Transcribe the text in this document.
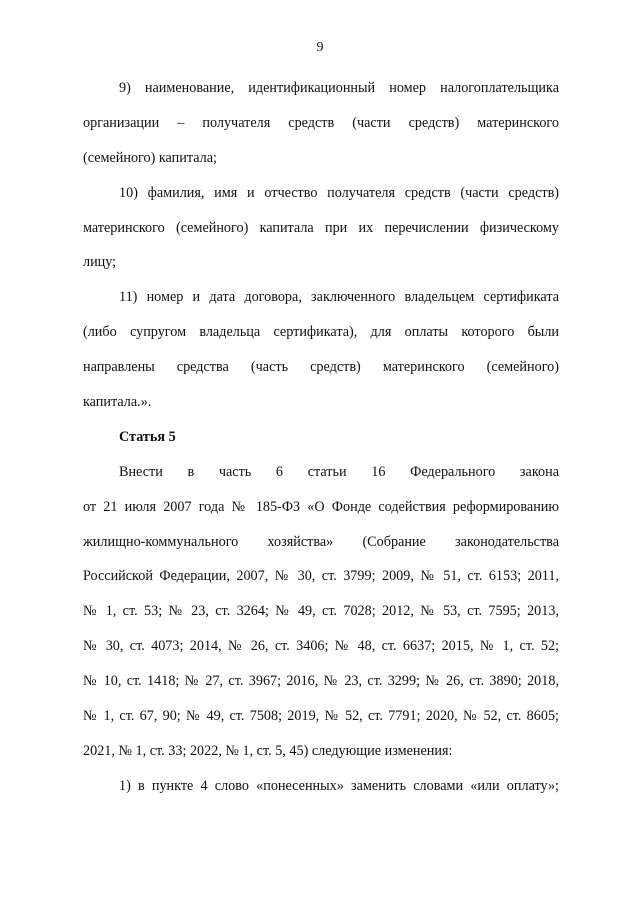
9
9) наименование, идентификационный номер налогоплательщика
организации – получателя средств (части средств) материнского
(семейного) капитала;
10) фамилия, имя и отчество получателя средств (части средств)
материнского (семейного) капитала при их перечислении физическому
лицу;
11) номер и дата договора, заключенного владельцем сертификата
(либо супругом владельца сертификата), для оплаты которого были
направлены средства (часть средств) материнского (семейного)
капитала.».
Статья 5
Внести в часть 6 статьи 16 Федерального закона
от 21 июля 2007 года № 185-ФЗ «О Фонде содействия реформированию
жилищно-коммунального хозяйства» (Собрание законодательства
Российской Федерации, 2007, № 30, ст. 3799; 2009, № 51, ст. 6153; 2011,
№ 1, ст. 53; № 23, ст. 3264; № 49, ст. 7028; 2012, № 53, ст. 7595; 2013,
№ 30, ст. 4073; 2014, № 26, ст. 3406; № 48, ст. 6637; 2015, № 1, ст. 52;
№ 10, ст. 1418; № 27, ст. 3967; 2016, № 23, ст. 3299; № 26, ст. 3890; 2018,
№ 1, ст. 67, 90; № 49, ст. 7508; 2019, № 52, ст. 7791; 2020, № 52, ст. 8605;
2021, № 1, ст. 33; 2022, № 1, ст. 5, 45) следующие изменения:
1) в пункте 4 слово «понесенных» заменить словами «или оплату»;
